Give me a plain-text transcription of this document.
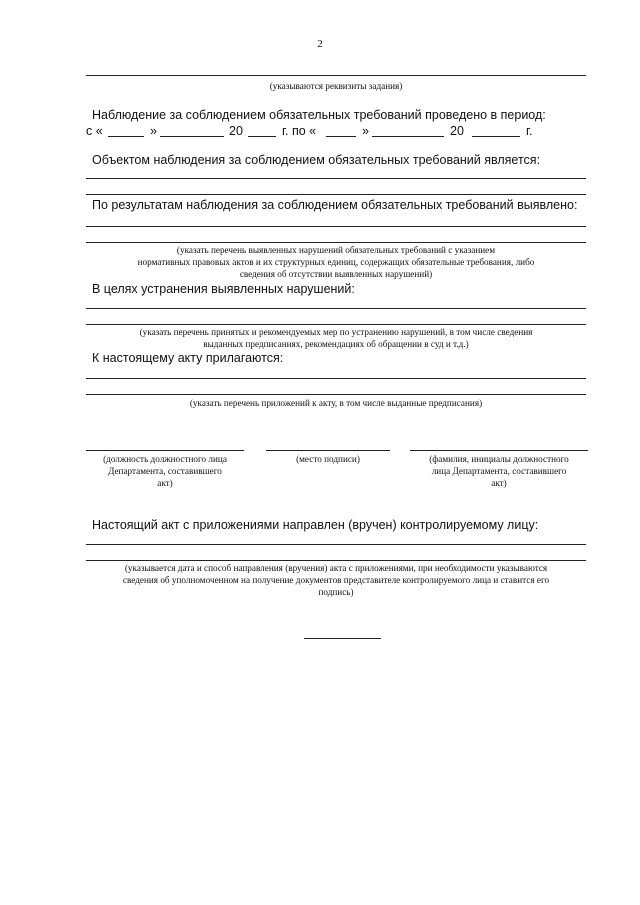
2
(указываются реквизиты задания)
Наблюдение за соблюдением обязательных требований проведено в период:
с «	»	20	г. по «	»	20	г.
Объектом наблюдения за соблюдением обязательных требований является:
По результатам наблюдения за соблюдением обязательных требований выявлено:
(указать перечень выявленных нарушений обязательных требований с указанием
нормативных правовых актов и их структурных единиц, содержащих обязательные требования, либо
сведения об отсутствии выявленных нарушений)
В целях устранения выявленных нарушений:
(указать перечень принятых и рекомендуемых мер по устранению нарушений, в том числе сведения
выданных предписаниях, рекомендациях об обращении в суд и т.д.)
К настоящему акту прилагаются:
(указать перечень приложений к акту, в том числе выданные предписания)
(должность должностного лица
Департамента, составившего
акт)
(место подписи)	(фамилия, инициалы должностного
лица Департамента, составившего
акт)
Настоящий акт с приложениями направлен (вручен) контролируемому лицу:
(указывается дата и способ направления (вручения) акта с приложениями, при необходимости указываются
сведения об уполномоченном на получение документов представителе контролируемого лица и ставится его
подпись)
